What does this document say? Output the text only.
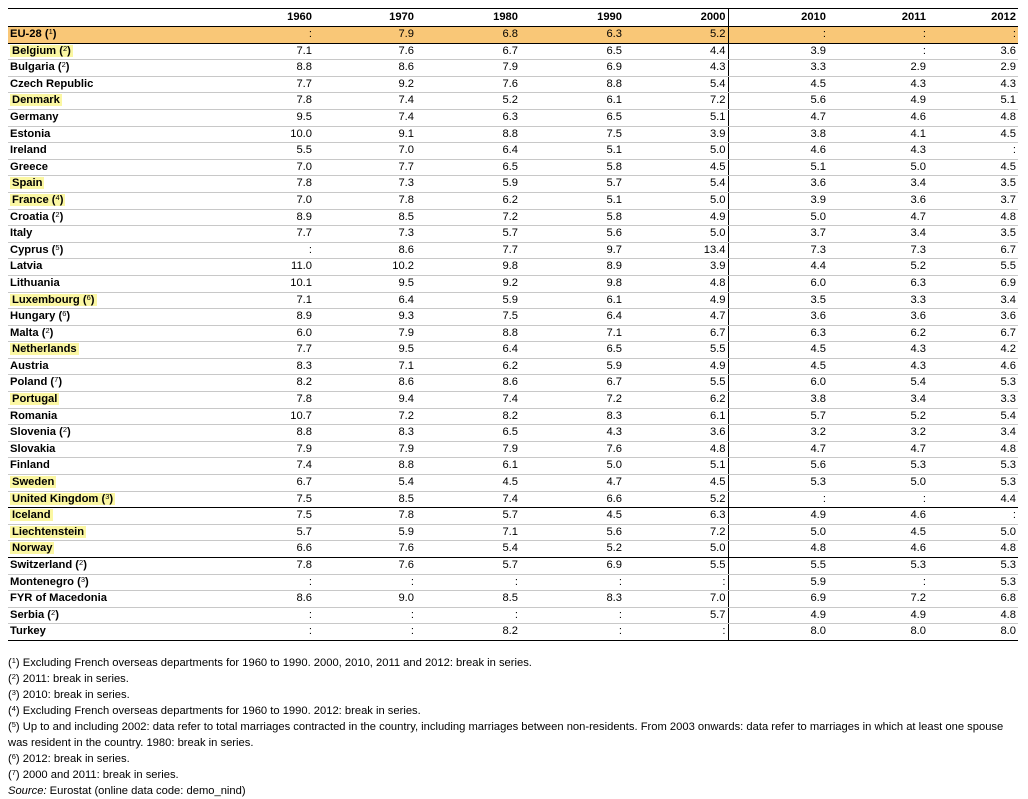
	1960	1970	1980	1990	2000	2010	2011	2012
EU-28 ($^1$)	:	7.9	6.8	6.3	5.2	:	:	:
Belgium ($^2$)	7.1	7.6	6.7	6.5	4.4	3.9	:	3.6
Bulgaria ($^2$)	8.8	8.6	7.9	6.9	4.3	3.3	2.9	2.9
Czech Republic	7.7	9.2	7.6	8.8	5.4	4.5	4.3	4.3
Denmark	7.8	7.4	5.2	6.1	7.2	5.6	4.9	5.1
Germany	9.5	7.4	6.3	6.5	5.1	4.7	4.6	4.8
Estonia	10.0	9.1	8.8	7.5	3.9	3.8	4.1	4.5
Ireland	5.5	7.0	6.4	5.1	5.0	4.6	4.3	:
Greece	7.0	7.7	6.5	5.8	4.5	5.1	5.0	4.5
Spain	7.8	7.3	5.9	5.7	5.4	3.6	3.4	3.5
France ($^4$)	7.0	7.8	6.2	5.1	5.0	3.9	3.6	3.7
Croatia ($^2$)	8.9	8.5	7.2	5.8	4.9	5.0	4.7	4.8
Italy	7.7	7.3	5.7	5.6	5.0	3.7	3.4	3.5
Cyprus ($^5$)	:	8.6	7.7	9.7	13.4	7.3	7.3	6.7
Latvia	11.0	10.2	9.8	8.9	3.9	4.4	5.2	5.5
Lithuania	10.1	9.5	9.2	9.8	4.8	6.0	6.3	6.9
Luxembourg ($^6$)	7.1	6.4	5.9	6.1	4.9	3.5	3.3	3.4
Hungary ($^6$)	8.9	9.3	7.5	6.4	4.7	3.6	3.6	3.6
Malta ($^2$)	6.0	7.9	8.8	7.1	6.7	6.3	6.2	6.7
Netherlands	7.7	9.5	6.4	6.5	5.5	4.5	4.3	4.2
Austria	8.3	7.1	6.2	5.9	4.9	4.5	4.3	4.6
Poland ($^7$)	8.2	8.6	8.6	6.7	5.5	6.0	5.4	5.3
Portugal	7.8	9.4	7.4	7.2	6.2	3.8	3.4	3.3
Romania	10.7	7.2	8.2	8.3	6.1	5.7	5.2	5.4
Slovenia ($^2$)	8.8	8.3	6.5	4.3	3.6	3.2	3.2	3.4
Slovakia	7.9	7.9	7.9	7.6	4.8	4.7	4.7	4.8
Finland	7.4	8.8	6.1	5.0	5.1	5.6	5.3	5.3
Sweden	6.7	5.4	4.5	4.7	4.5	5.3	5.0	5.3
United Kingdom ($^3$)	7.5	8.5	7.4	6.6	5.2	:	:	4.4
Iceland	7.5	7.8	5.7	4.5	6.3	4.9	4.6	:
Liechtenstein	5.7	5.9	7.1	5.6	7.2	5.0	4.5	5.0
Norway	6.6	7.6	5.4	5.2	5.0	4.8	4.6	4.8
Switzerland ($^2$)	7.8	7.6	5.7	6.9	5.5	5.5	5.3	5.3
Montenegro ($^3$)	:	:	:	:	:	5.9	:	5.3
FYR of Macedonia	8.6	9.0	8.5	8.3	7.0	6.9	7.2	6.8
Serbia ($^2$)	:	:	:	:	5.7	4.9	4.9	4.8
Turkey	:	:	8.2	:	:	8.0	8.0	8.0
($^1$) Excluding French overseas departments for 1960 to 1990. 2000, 2010, 2011 and 2012: break in series.
($^2$) 2011: break in series.
($^3$) 2010: break in series.
($^4$) Excluding French overseas departments for 1960 to 1990. 2012: break in series.
($^5$) Up to and including 2002: data refer to total marriages contracted in the country, including marriages between non-residents. From 2003 onwards: data refer to marriages in which at least one spouse was resident in the country. 1980: break in series.
($^6$) 2012: break in series.
($^7$) 2000 and 2011: break in series.
Source: Eurostat (online data code: demo_nind)
